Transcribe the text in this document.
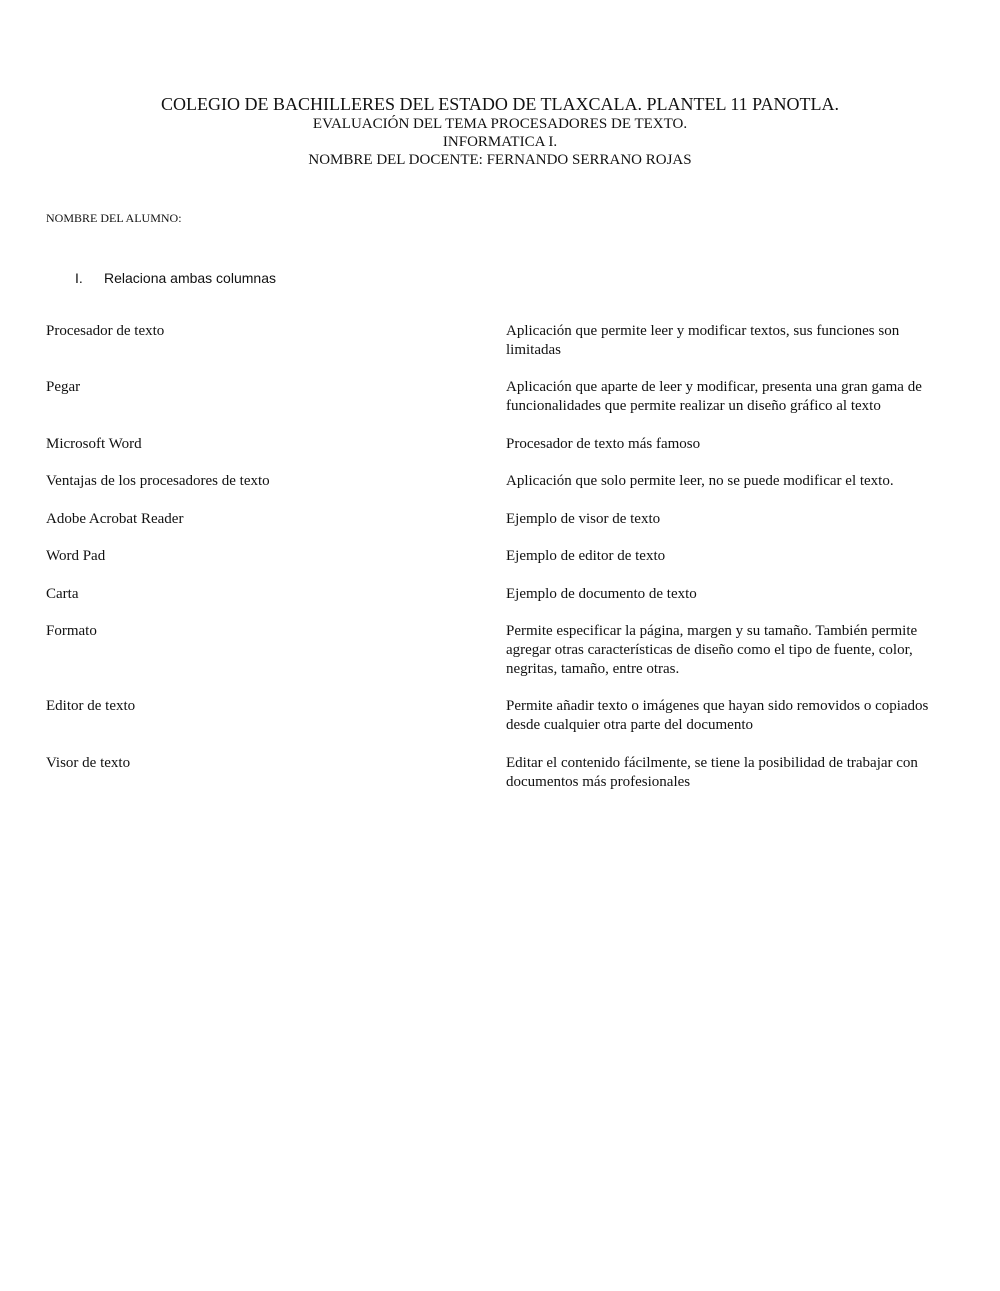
COLEGIO DE BACHILLERES DEL ESTADO DE TLAXCALA. PLANTEL 11 PANOTLA.
EVALUACIÓN DEL TEMA PROCESADORES DE TEXTO.
INFORMATICA I.
NOMBRE DEL DOCENTE: FERNANDO SERRANO ROJAS
NOMBRE DEL ALUMNO:
I. Relaciona ambas columnas
Procesador de texto	Aplicación que permite leer y modificar textos, sus funciones son limitadas
Pegar	Aplicación que aparte de leer y modificar, presenta una gran gama de funcionalidades que permite realizar un diseño gráfico al texto
Microsoft Word	Procesador de texto más famoso
Ventajas de los procesadores de texto	Aplicación que solo permite leer, no se puede modificar el texto.
Adobe Acrobat Reader	Ejemplo de visor de texto
Word Pad	Ejemplo de editor de texto
Carta	Ejemplo de documento de texto
Formato	Permite especificar la página, margen y su tamaño. También permite agregar otras características de diseño como el tipo de fuente, color, negritas, tamaño, entre otras.
Editor de texto	Permite añadir texto o imágenes que hayan sido removidos o copiados desde cualquier otra parte del documento
Visor de texto	Editar el contenido fácilmente, se tiene la posibilidad de trabajar con documentos más profesionales
